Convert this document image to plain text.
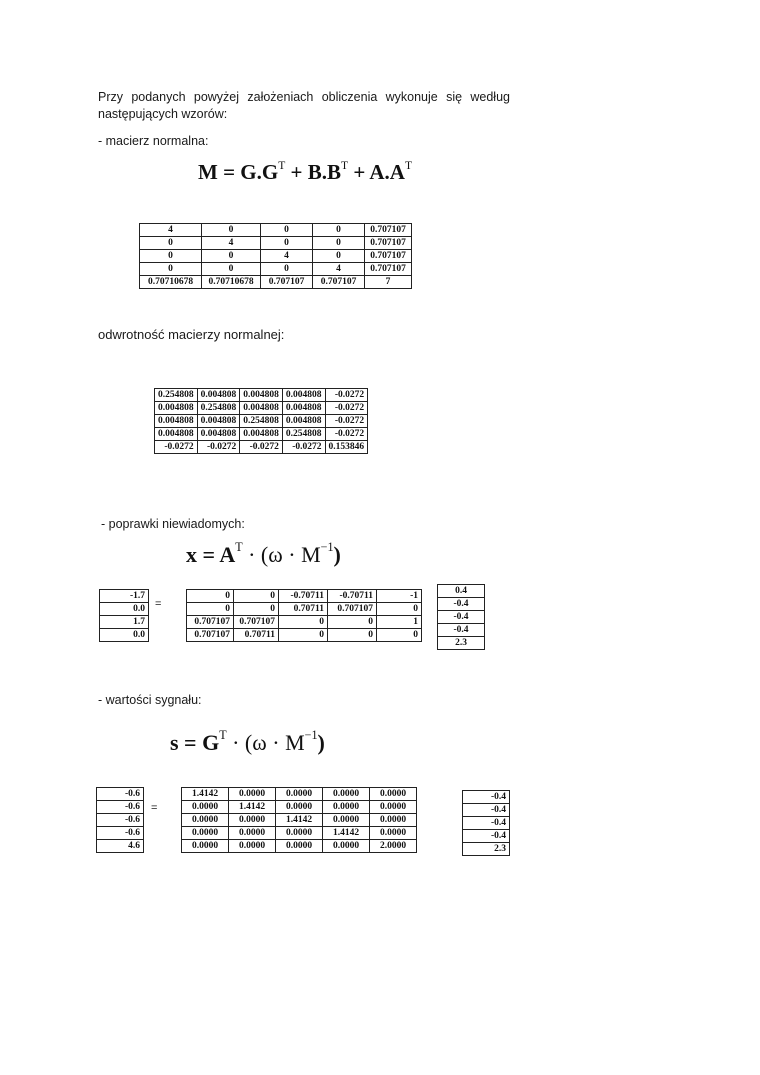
Przy podanych powyżej założeniach obliczenia wykonuje się według
następujących wzorów:
- macierz normalna:
$M = G.G^T + B.B^T + A.A^T$
4	0	0	0	0.707107
0	4	0	0	0.707107
0	0	4	0	0.707107
0	0	0	4	0.707107
0.70710678	0.70710678	0.707107	0.707107	7
odwrotność macierzy normalnej:
0.254808	0.004808	0.004808	0.004808	-0.0272
0.004808	0.254808	0.004808	0.004808	-0.0272
0.004808	0.004808	0.254808	0.004808	-0.0272
0.004808	0.004808	0.004808	0.254808	-0.0272
-0.0272	-0.0272	-0.0272	-0.0272	0.153846
- poprawki niewiadomych:
$x = A^T \cdot (\omega \cdot M^{-1})$
-1.7
0.0
1.7
0.0
=
0	0	-0.70711	-0.70711	-1
0	0	0.70711	0.707107	0
0.707107	0.707107	0	0	1
0.707107	0.70711	0	0	0
0.4
-0.4
-0.4
-0.4
2.3
- wartości sygnału:
$s = G^T \cdot (\omega \cdot M^{-1})$
-0.6
-0.6
-0.6
-0.6
4.6
=
1.4142	0.0000	0.0000	0.0000	0.0000
0.0000	1.4142	0.0000	0.0000	0.0000
0.0000	0.0000	1.4142	0.0000	0.0000
0.0000	0.0000	0.0000	1.4142	0.0000
0.0000	0.0000	0.0000	0.0000	2.0000
-0.4
-0.4
-0.4
-0.4
2.3
